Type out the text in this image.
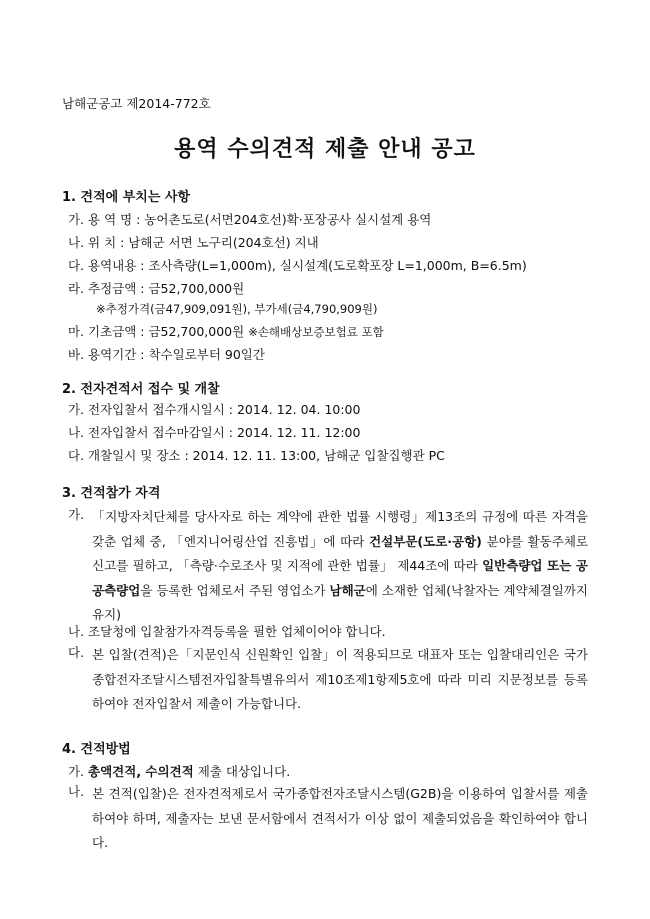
남해군공고 제2014-772호
용역 수의견적 제출 안내 공고
1. 견적에 부치는 사항
가. 용 역 명 : 농어촌도로(서면204호선)확·포장공사 실시설계 용역
나. 위 치 : 남해군 서면 노구리(204호선) 지내
다. 용역내용 : 조사측량(L=1,000m), 실시설계(도로확포장 L=1,000m, B=6.5m)
라. 추정금액 : 금52,700,000원
※추정가격(금47,909,091원), 부가세(금4,790,909원)
마. 기초금액 : 금52,700,000원 ※손해배상보증보험료 포함
바. 용역기간 : 착수일로부터 90일간
2. 전자견적서 접수 및 개찰
가. 전자입찰서 접수개시일시 : 2014. 12. 04. 10:00
나. 전자입찰서 접수마감일시 : 2014. 12. 11. 12:00
다. 개찰일시 및 장소 : 2014. 12. 11. 13:00, 남해군 입찰집행관 PC
3. 견적참가 자격
가. 「지방자치단체를 당사자로 하는 계약에 관한 법률 시행령」제13조의 규정에 따른 자격을 갖춘 업체 중, 「엔지니어링산업 진흥법」에 따라 건설부문(도로·공항) 분야를 활동주체로 신고를 필하고, 「측량·수로조사 및 지적에 관한 법률」 제44조에 따라 일반측량업 또는 공공측량업을 등록한 업체로서 주된 영업소가 남해군에 소재한 업체(낙찰자는 계약체결일까지 유지)
나. 조달청에 입찰참가자격등록을 필한 업체이어야 합니다.
다. 본 입찰(견적)은「지문인식 신원확인 입찰」이 적용되므로 대표자 또는 입찰대리인은 국가종합전자조달시스템전자입찰특별유의서 제10조제1항제5호에 따라 미리 지문정보를 등록하여야 전자입찰서 제출이 가능합니다.
4. 견적방법
가. 총액견적, 수의견적 제출 대상입니다.
나. 본 견적(입찰)은 전자견적제로서 국가종합전자조달시스템(G2B)을 이용하여 입찰서를 제출하여야 하며, 제출자는 보낸 문서함에서 견적서가 이상 없이 제출되었음을 확인하여야 합니다.
